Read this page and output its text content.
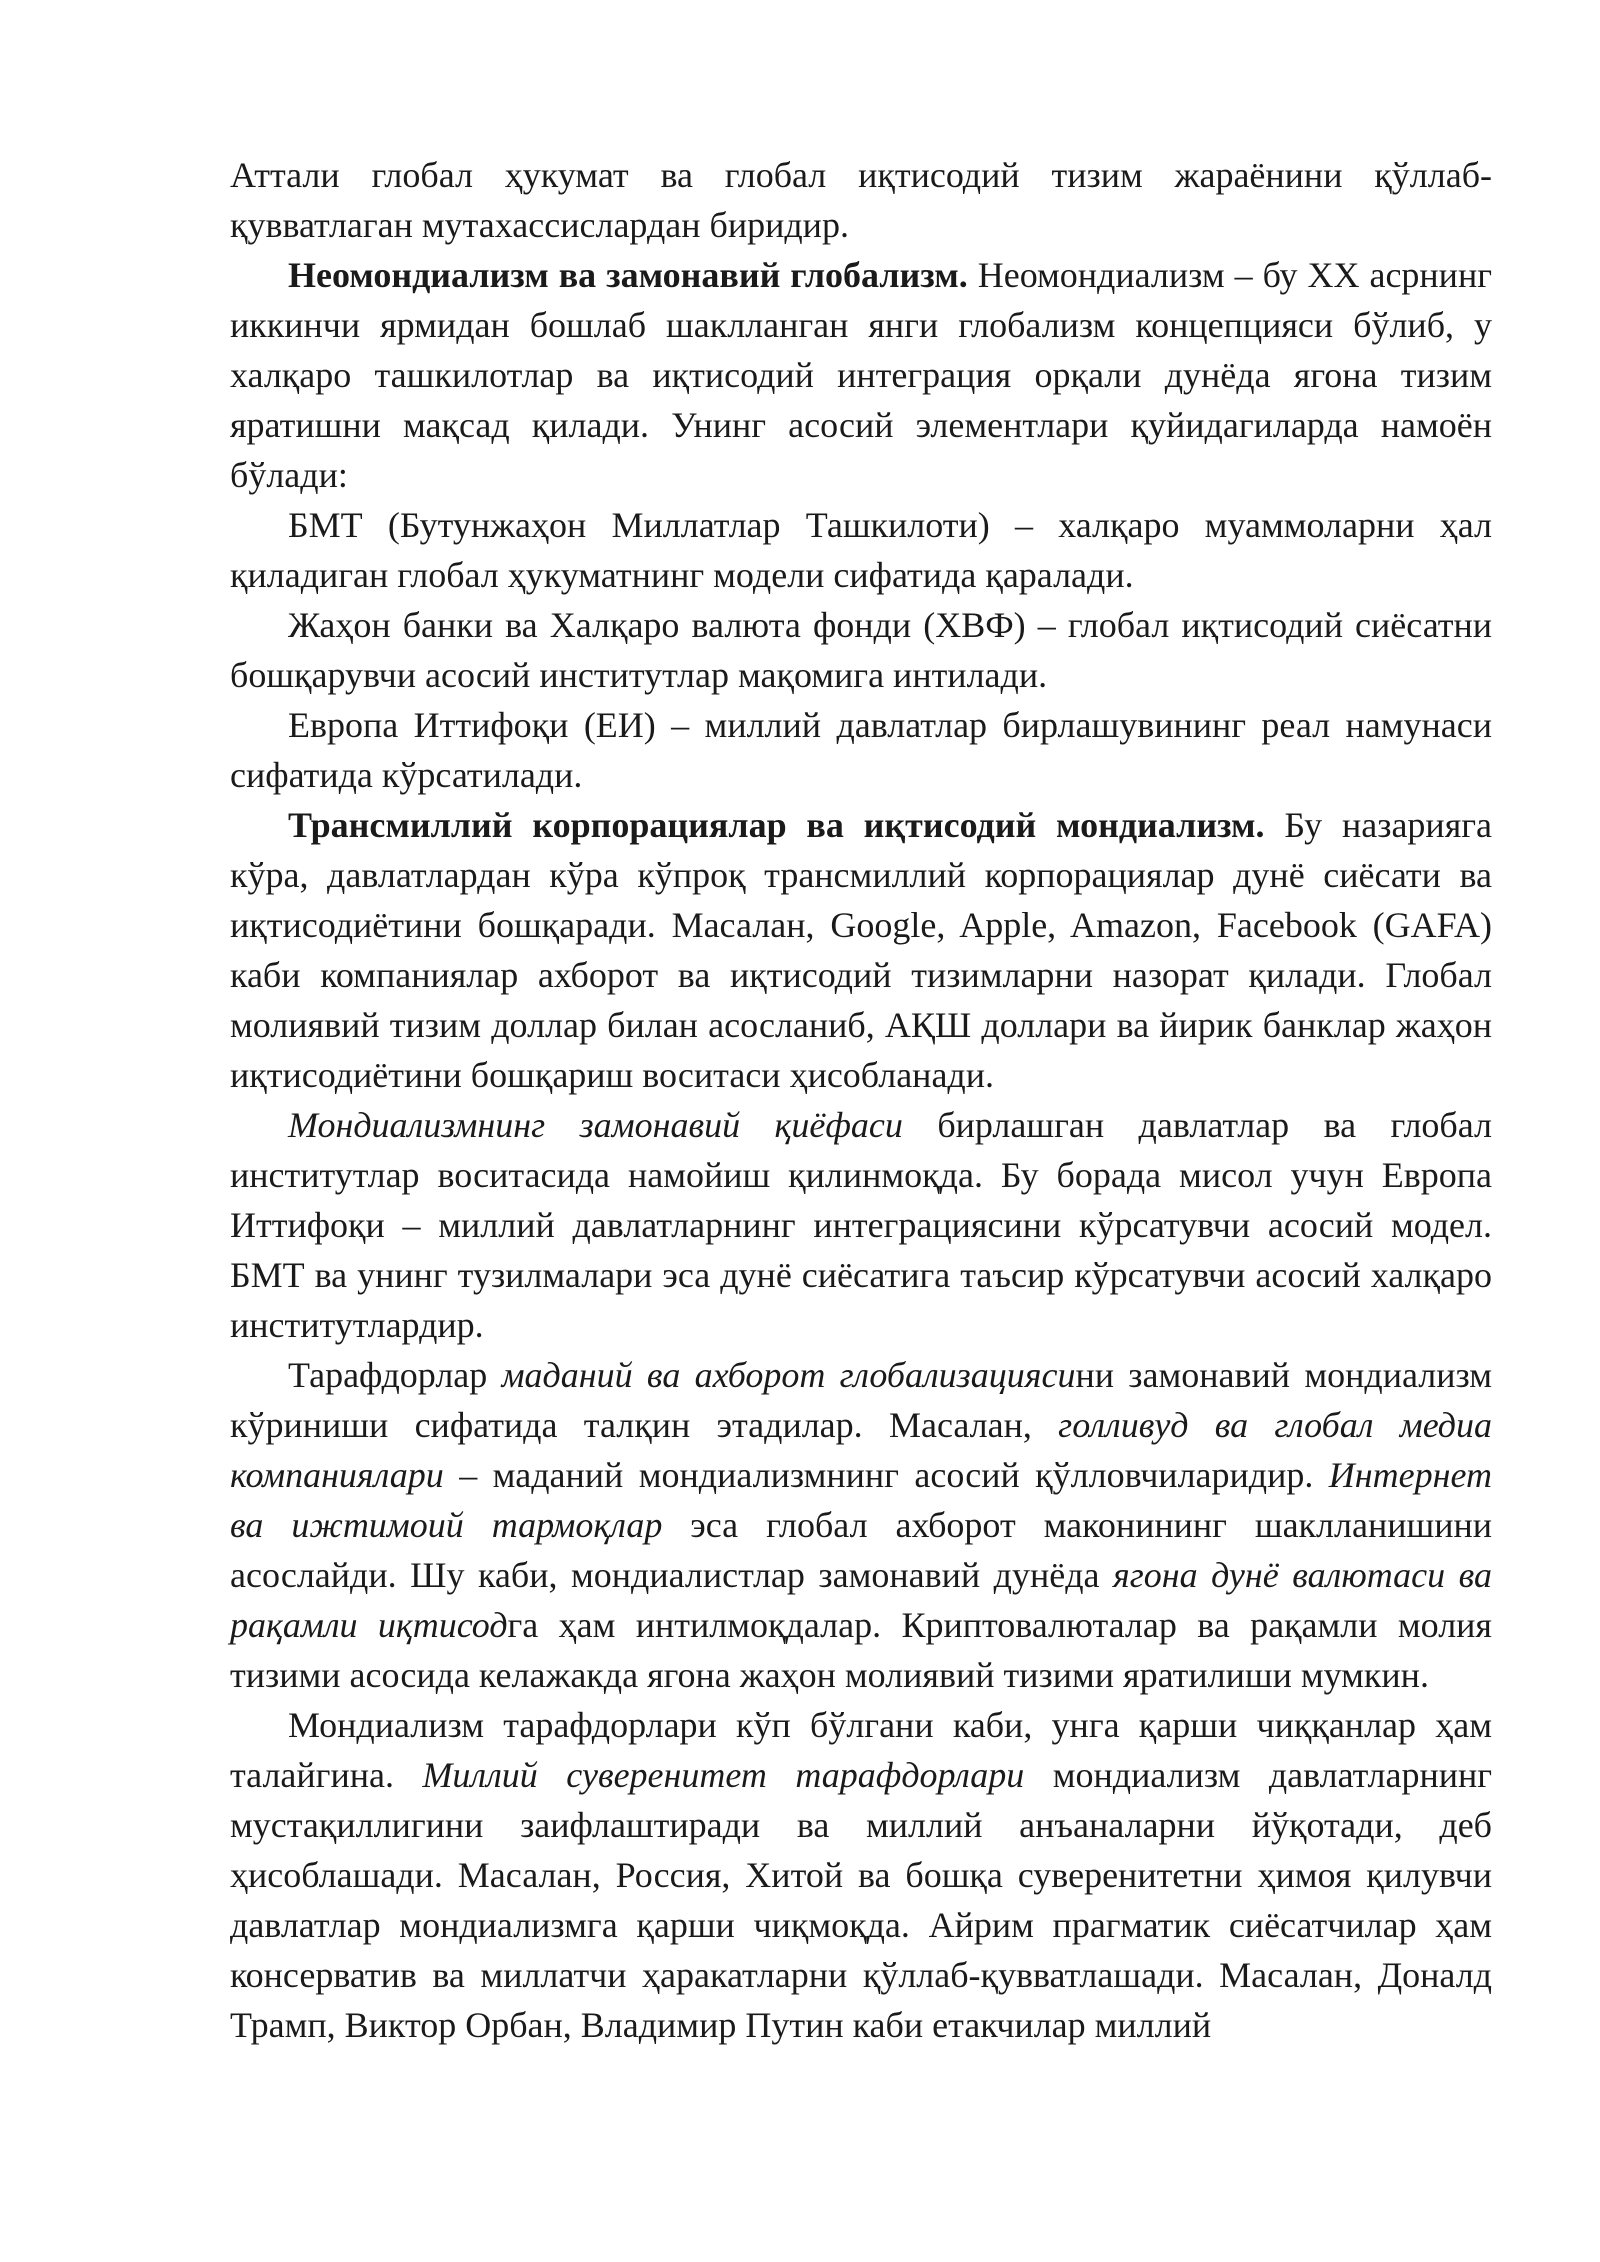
Аттали глобал ҳукумат ва глобал иқтисодий тизим жараёнини қўллаб-қувватлаган мутахассислардан биридир.

Неомондиализм ва замонавий глобализм. Неомондиализм – бу XX асрнинг иккинчи ярмидан бошлаб шаклланган янги глобализм концепцияси бўлиб, у халқаро ташкилотлар ва иқтисодий интеграция орқали дунёда ягона тизим яратишни мақсад қилади. Унинг асосий элементлари қуйидагиларда намоён бўлади:

БМТ (Бутунжаҳон Миллатлар Ташкилоти) – халқаро муаммоларни ҳал қиладиган глобал ҳукуматнинг модели сифатида қаралади.

Жаҳон банки ва Халқаро валюта фонди (ХВФ) – глобал иқтисодий сиёсатни бошқарувчи асосий институтлар мақомига интилади.

Европа Иттифоқи (ЕИ) – миллий давлатлар бирлашувининг реал намунаси сифатида кўрсатилади.

Трансмиллий корпорациялар ва иқтисодий мондиализм. Бу назарияга кўра, давлатлардан кўра кўпроқ трансмиллий корпорациялар дунё сиёсати ва иқтисодиётини бошқаради. Масалан, Google, Apple, Amazon, Facebook (GAFA) каби компаниялар ахборот ва иқтисодий тизимларни назорат қилади. Глобал молиявий тизим доллар билан асосланиб, АҚШ доллари ва йирик банклар жаҳон иқтисодиётини бошқариш воситаси ҳисобланади.

Мондиализмнинг замонавий қиёфаси бирлашган давлатлар ва глобал институтлар воситасида намойиш қилинмоқда. Бу борада мисол учун Европа Иттифоқи – миллий давлатларнинг интеграциясини кўрсатувчи асосий модел. БМТ ва унинг тузилмалари эса дунё сиёсатига таъсир кўрсатувчи асосий халқаро институтлардир.

Тарафдорлар маданий ва ахборот глобализациясини замонавий мондиализм кўриниши сифатида талқин этадилар. Масалан, голливуд ва глобал медиа компаниялари – маданий мондиализмнинг асосий қўлловчиларидир. Интернет ва ижтимоий тармоқлар эса глобал ахборот маконининг шаклланишини асослайди. Шу каби, мондиалистлар замонавий дунёда ягона дунё валютаси ва рақамли иқтисодга ҳам интилмоқдалар. Криптовалюталар ва рақамли молия тизими асосида келажакда ягона жаҳон молиявий тизими яратилиши мумкин.

Мондиализм тарафдорлари кўп бўлгани каби, унга қарши чиққанлар ҳам талайгина. Миллий суверенитет тарафдорлари мондиализм давлатларнинг мустақиллигини заифлаштиради ва миллий анъаналарни йўқотади, деб ҳисоблашади. Масалан, Россия, Хитой ва бошқа суверенитетни ҳимоя қилувчи давлатлар мондиализмга қарши чиқмоқда. Айрим прагматик сиёсатчилар ҳам консерватив ва миллатчи ҳаракатларни қўллаб-қувватлашади. Масалан, Доналд Трамп, Виктор Орбан, Владимир Путин каби етакчилар миллий
